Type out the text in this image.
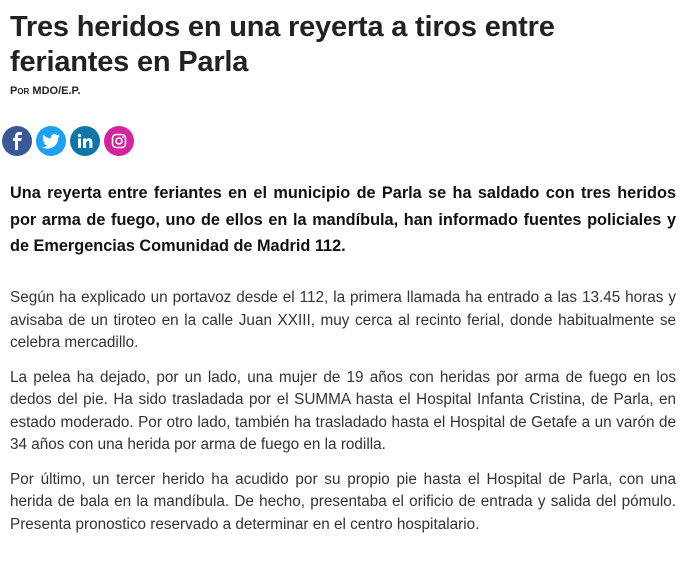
Tres heridos en una reyerta a tiros entre feriantes en Parla
Por MDO/E.P.

Una reyerta entre feriantes en el municipio de Parla se ha saldado con tres heridos por arma de fuego, uno de ellos en la mandíbula, han informado fuentes policiales y de Emergencias Comunidad de Madrid 112.

Según ha explicado un portavoz desde el 112, la primera llamada ha entrado a las 13.45 horas y avisaba de un tiroteo en la calle Juan XXIII, muy cerca al recinto ferial, donde habitualmente se celebra mercadillo.

La pelea ha dejado, por un lado, una mujer de 19 años con heridas por arma de fuego en los dedos del pie. Ha sido trasladada por el SUMMA hasta el Hospital Infanta Cristina, de Parla, en estado moderado. Por otro lado, también ha trasladado hasta el Hospital de Getafe a un varón de 34 años con una herida por arma de fuego en la rodilla.

Por último, un tercer herido ha acudido por su propio pie hasta el Hospital de Parla, con una herida de bala en la mandíbula. De hecho, presentaba el orificio de entrada y salida del pómulo. Presenta pronostico reservado a determinar en el centro hospitalario.
